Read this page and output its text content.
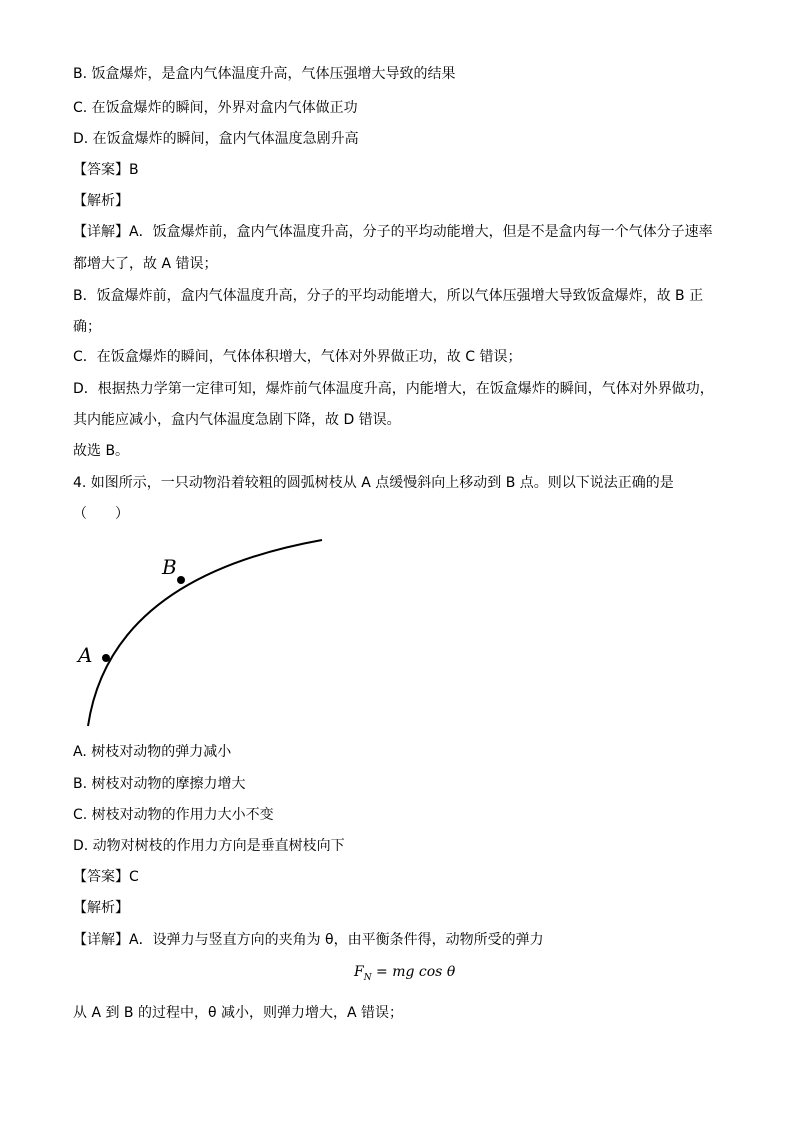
B. 饭盒爆炸，是盒内气体温度升高，气体压强增大导致的结果
C. 在饭盒爆炸的瞬间，外界对盒内气体做正功
D. 在饭盒爆炸的瞬间，盒内气体温度急剧升高
【答案】B
【解析】
【详解】A．饭盒爆炸前，盒内气体温度升高，分子的平均动能增大，但是不是盒内每一个气体分子速率
都增大了，故 A 错误；
B．饭盒爆炸前，盒内气体温度升高，分子的平均动能增大，所以气体压强增大导致饭盒爆炸，故 B 正
确；
C．在饭盒爆炸的瞬间，气体体积增大，气体对外界做正功，故 C 错误；
D．根据热力学第一定律可知，爆炸前气体温度升高，内能增大，在饭盒爆炸的瞬间，气体对外界做功，
其内能应减小，盒内气体温度急剧下降，故 D 错误。
故选 B。
4. 如图所示，一只动物沿着较粗的圆弧树枝从 A 点缓慢斜向上移动到 B 点。则以下说法正确的是
（　　）
A
B
A. 树枝对动物的弹力减小
B. 树枝对动物的摩擦力增大
C. 树枝对动物的作用力大小不变
D. 动物对树枝的作用力方向是垂直树枝向下
【答案】C
【解析】
【详解】A．设弹力与竖直方向的夹角为 θ，由平衡条件得，动物所受的弹力
$F_N$ = mg cos θ
从 A 到 B 的过程中，θ 减小，则弹力增大，A 错误；
